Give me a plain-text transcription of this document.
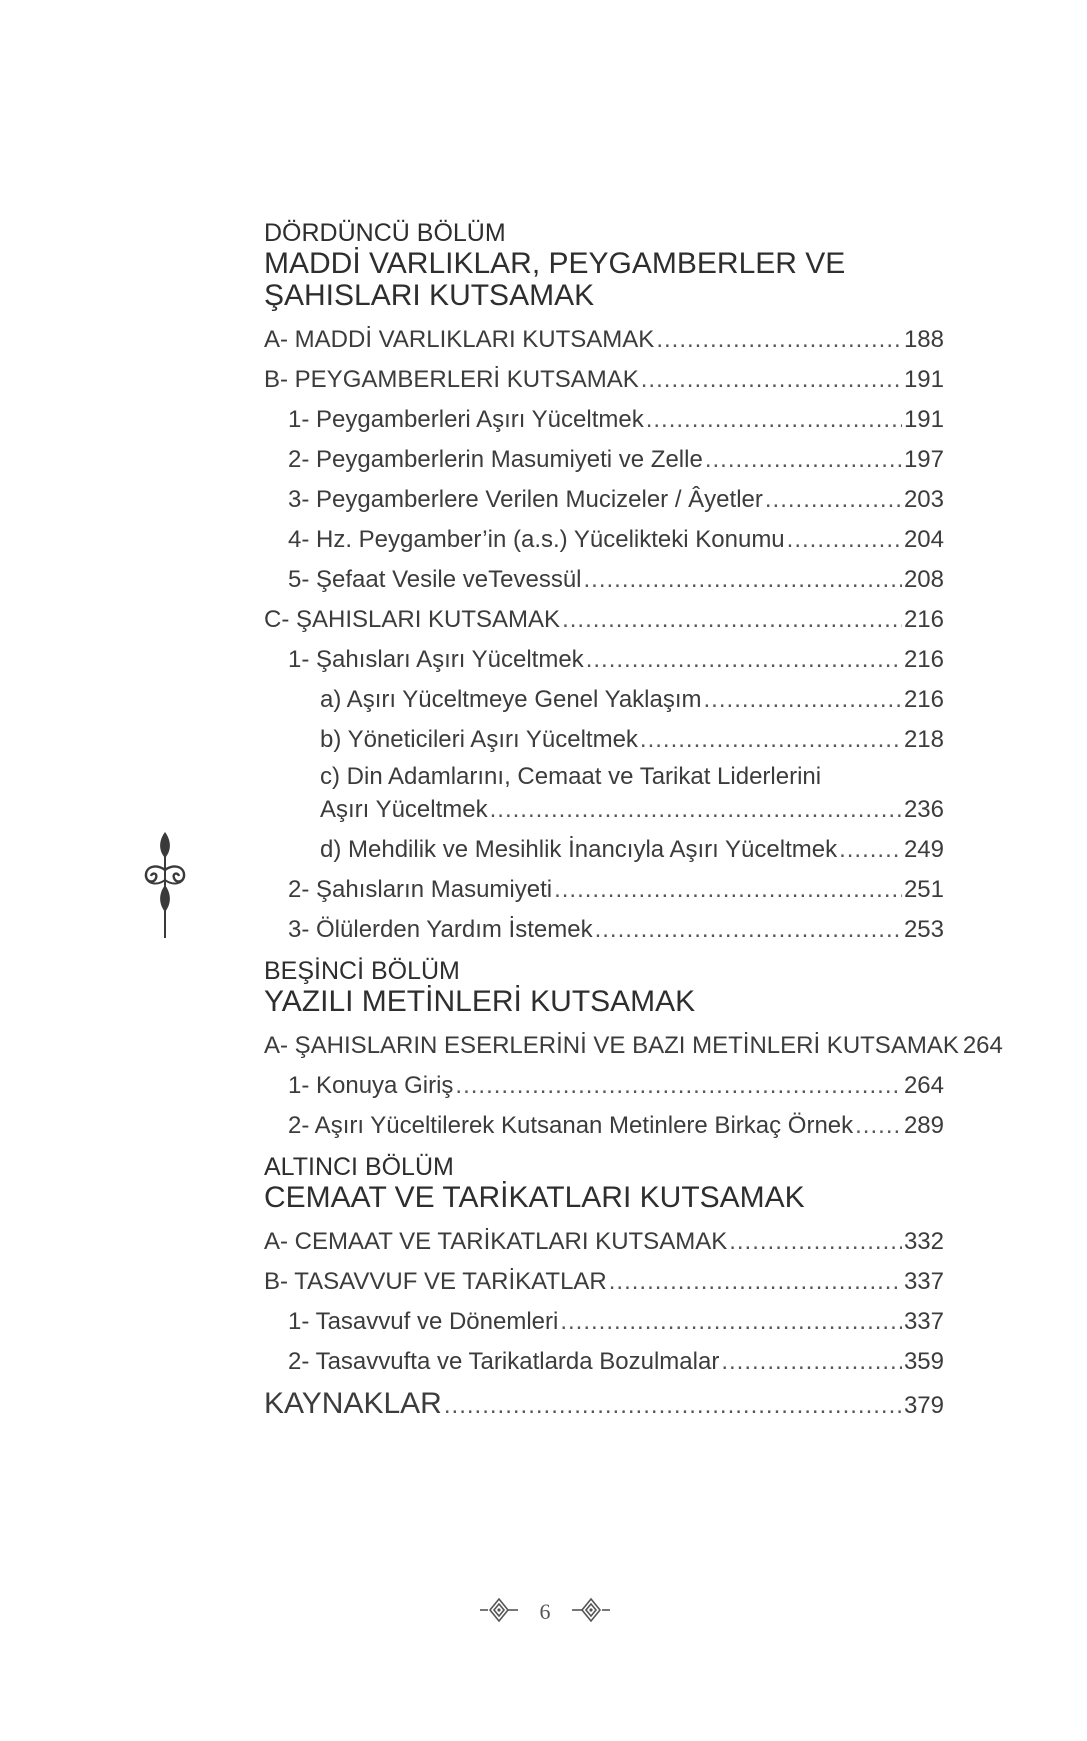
DÖRDÜNCÜ BÖLÜM
MADDİ VARLIKLAR, PEYGAMBERLER VE
ŞAHISLARI KUTSAMAK
A- MADDİ VARLIKLARI KUTSAMAK .....	188
B- PEYGAMBERLERİ KUTSAMAK .....	191
1- Peygamberleri Aşırı Yüceltmek .....	191
2- Peygamberlerin Masumiyeti ve Zelle .....	197
3- Peygamberlere Verilen Mucizeler / Âyetler .....	203
4- Hz. Peygamber’in (a.s.) Yücelikteki Konumu .....	204
5- Şefaat Vesile veTevessül .....	208
C- ŞAHISLARI KUTSAMAK .....	216
1- Şahısları Aşırı Yüceltmek .....	216
a) Aşırı Yüceltmeye Genel Yaklaşım .....	216
b) Yöneticileri Aşırı Yüceltmek .....	218
c) Din Adamlarını, Cemaat ve Tarikat Liderlerini
Aşırı Yüceltmek .....	236
d) Mehdilik ve Mesihlik İnancıyla Aşırı Yüceltmek .....	249
2- Şahısların Masumiyeti .....	251
3- Ölülerden Yardım İstemek .....	253
BEŞİNCİ BÖLÜM
YAZILI METİNLERİ KUTSAMAK
A- ŞAHISLARIN ESERLERİNİ VE BAZI METİNLERİ KUTSAMAK 264
1- Konuya Giriş .....	264
2- Aşırı Yüceltilerek Kutsanan Metinlere Birkaç Örnek ..... 289
ALTINCI BÖLÜM
CEMAAT VE TARİKATLARI KUTSAMAK
A- CEMAAT VE TARİKATLARI KUTSAMAK .....	332
B- TASAVVUF VE TARİKATLAR .....	337
1- Tasavvuf ve Dönemleri .....	337
2- Tasavvufta ve Tarikatlarda Bozulmalar .....	359
KAYNAKLAR .....	379
6
